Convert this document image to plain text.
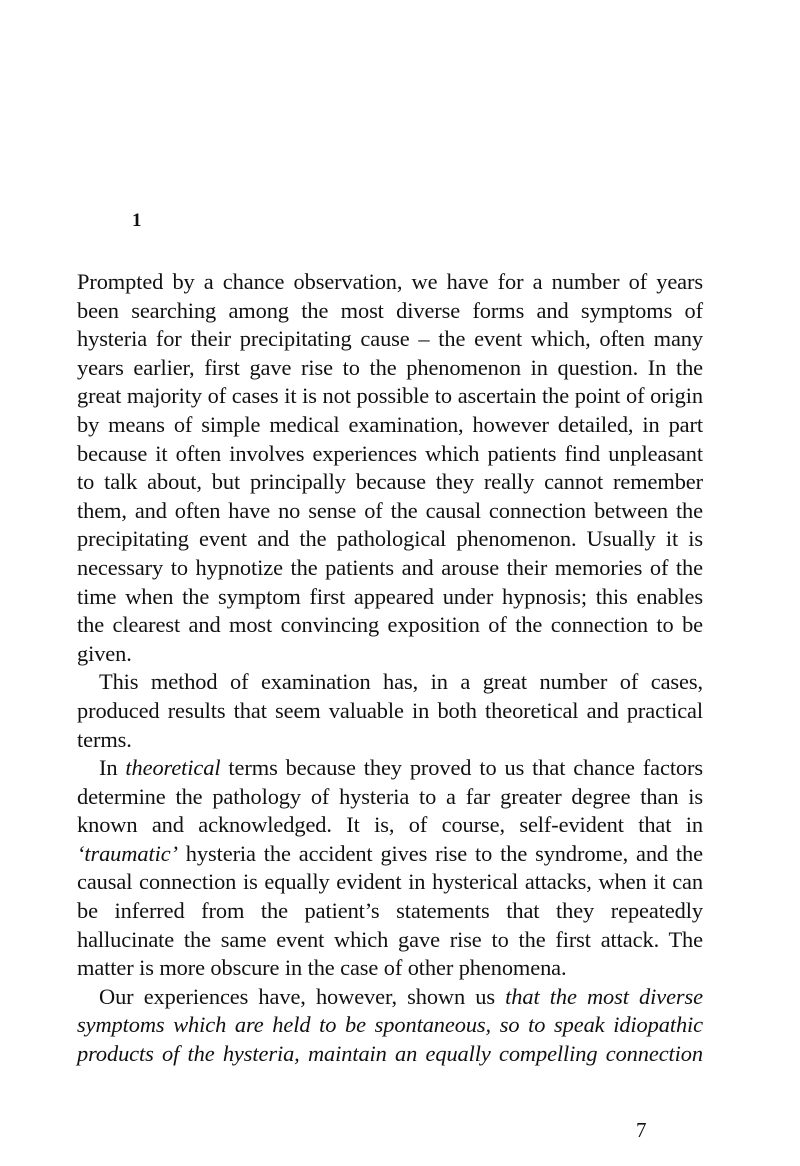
1

Prompted by a chance observation, we have for a number of years been searching among the most diverse forms and symptoms of hysteria for their precipitating cause – the event which, often many years earlier, first gave rise to the phenomenon in question. In the great majority of cases it is not possible to ascertain the point of origin by means of simple medical examination, however detailed, in part because it often involves experiences which patients find unpleasant to talk about, but principally because they really cannot remember them, and often have no sense of the causal connection between the precipitating event and the pathological phenomenon. Usually it is necessary to hypnotize the patients and arouse their memories of the time when the symptom first appeared under hypnosis; this enables the clearest and most convincing exposition of the connection to be given.

This method of examination has, in a great number of cases, produced results that seem valuable in both theoretical and practical terms.

In theoretical terms because they proved to us that chance factors determine the pathology of hysteria to a far greater degree than is known and acknowledged. It is, of course, self-evident that in ‘traumatic’ hysteria the accident gives rise to the syndrome, and the causal connection is equally evident in hysterical attacks, when it can be inferred from the patient’s statements that they repeatedly hallucinate the same event which gave rise to the first attack. The matter is more obscure in the case of other phenomena.

Our experiences have, however, shown us that the most diverse symptoms which are held to be spontaneous, so to speak idiopathic products of the hysteria, maintain an equally compelling connection

7
